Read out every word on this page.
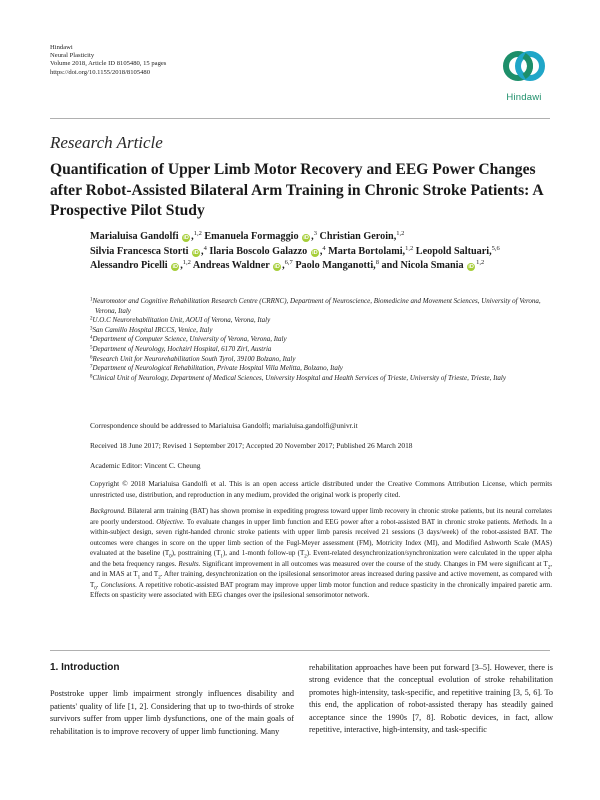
Hindawi
Neural Plasticity
Volume 2018, Article ID 8105480, 15 pages
https://doi.org/10.1155/2018/8105480
Hindawi
Research Article
Quantification of Upper Limb Motor Recovery and EEG Power Changes after Robot-Assisted Bilateral Arm Training in Chronic Stroke Patients: A Prospective Pilot Study
Marialuisa Gandolfi iD ,$^{1,2}$ Emanuela Formaggio iD ,$^3$ Christian Geroin,$^{1,2}$
Silvia Francesca Storti iD ,$^4$ Ilaria Boscolo Galazzo iD ,$^4$ Marta Bortolami,$^{1,2}$ Leopold Saltuari,$^{5,6}$
Alessandro Picelli iD ,$^{1,2}$ Andreas Waldner iD ,$^{6,7}$ Paolo Manganotti,$^8$ and Nicola Smania iD$^{1,2}$
$^1$Neuromotor and Cognitive Rehabilitation Research Centre (CRRNC), Department of Neuroscience, Biomedicine and Movement Sciences, University of Verona, Verona, Italy
$^2$U.O.C Neurorehabilitation Unit, AOUI of Verona, Verona, Italy
$^3$San Camillo Hospital IRCCS, Venice, Italy
$^4$Department of Computer Science, University of Verona, Verona, Italy
$^5$Department of Neurology, Hochzirl Hospital, 6170 Zirl, Austria
$^6$Research Unit for Neurorehabilitation South Tyrol, 39100 Bolzano, Italy
$^7$Department of Neurological Rehabilitation, Private Hospital Villa Melitta, Bolzano, Italy
$^8$Clinical Unit of Neurology, Department of Medical Sciences, University Hospital and Health Services of Trieste, University of Trieste, Trieste, Italy
Correspondence should be addressed to Marialuisa Gandolfi; marialuisa.gandolfi@univr.it
Received 18 June 2017; Revised 1 September 2017; Accepted 20 November 2017; Published 26 March 2018
Academic Editor: Vincent C. Cheung
Copyright © 2018 Marialuisa Gandolfi et al. This is an open access article distributed under the Creative Commons Attribution License, which permits unrestricted use, distribution, and reproduction in any medium, provided the original work is properly cited.
Background. Bilateral arm training (BAT) has shown promise in expediting progress toward upper limb recovery in chronic stroke patients, but its neural correlates are poorly understood. Objective. To evaluate changes in upper limb function and EEG power after a robot-assisted BAT in chronic stroke patients. Methods. In a within-subject design, seven right-handed chronic stroke patients with upper limb paresis received 21 sessions (3 days/week) of the robot-assisted BAT. The outcomes were changes in score on the upper limb section of the Fugl-Meyer assessment (FM), Motricity Index (MI), and Modified Ashworth Scale (MAS) evaluated at the baseline $(T_0)$, posttraining $(T_1)$, and 1-month follow-up $(T_2)$. Event-related desynchronization/synchronization were calculated in the upper alpha and the beta frequency ranges. Results. Significant improvement in all outcomes was measured over the course of the study. Changes in FM were significant at $T_2$, and in MAS at $T_1$ and $T_2$. After training, desynchronization on the ipsilesional sensorimotor areas increased during passive and active movement, as compared with $T_0$. Conclusions. A repetitive robotic-assisted BAT program may improve upper limb motor function and reduce spasticity in the chronically impaired paretic arm. Effects on spasticity were associated with EEG changes over the ipsilesional sensorimotor network.
1. Introduction
Poststroke upper limb impairment strongly influences disability and patients' quality of life [1, 2]. Considering that up to two-thirds of stroke survivors suffer from upper limb dysfunctions, one of the main goals of rehabilitation is to improve recovery of upper limb functioning. Many
rehabilitation approaches have been put forward [3–5]. However, there is strong evidence that the conceptual evolution of stroke rehabilitation promotes high-intensity, task-specific, and repetitive training [3, 5, 6]. To this end, the application of robot-assisted therapy has steadily gained acceptance since the 1990s [7, 8]. Robotic devices, in fact, allow repetitive, interactive, high-intensity, and task-specific
